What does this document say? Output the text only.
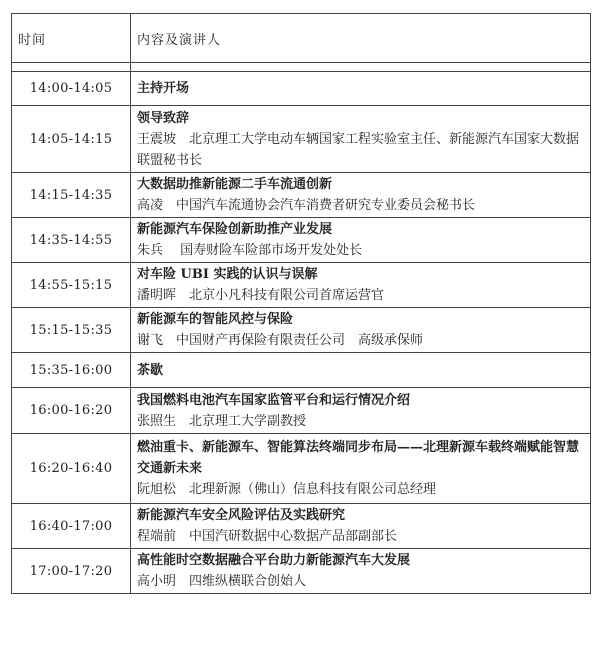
时间	内容及演讲人

14:00-14:05	主持开场

14:05-14:15	领导致辞
王震坡　北京理工大学电动车辆国家工程实验室主任、新能源汽车国家大数据联盟秘书长

14:15-14:35	大数据助推新能源二手车流通创新
高凌　中国汽车流通协会汽车消费者研究专业委员会秘书长

14:35-14:55	新能源汽车保险创新助推产业发展
朱兵　 国寿财险车险部市场开发处处长

14:55-15:15	对车险 UBI 实践的认识与误解
潘明晖　北京小凡科技有限公司首席运营官

15:15-15:35	新能源车的智能风控与保险
谢飞　中国财产再保险有限责任公司　高级承保师

15:35-16:00	茶歇

16:00-16:20	我国燃料电池汽车国家监管平台和运行情况介绍
张照生　北京理工大学副教授

16:20-16:40	燃油重卡、新能源车、智能算法终端同步布局——北理新源车载终端赋能智慧交通新未来
阮旭松　北理新源（佛山）信息科技有限公司总经理

16:40-17:00	新能源汽车安全风险评估及实践研究
程端前　中国汽研数据中心数据产品部副部长

17:00-17:20	高性能时空数据融合平台助力新能源汽车大发展
高小明　四维纵横联合创始人
